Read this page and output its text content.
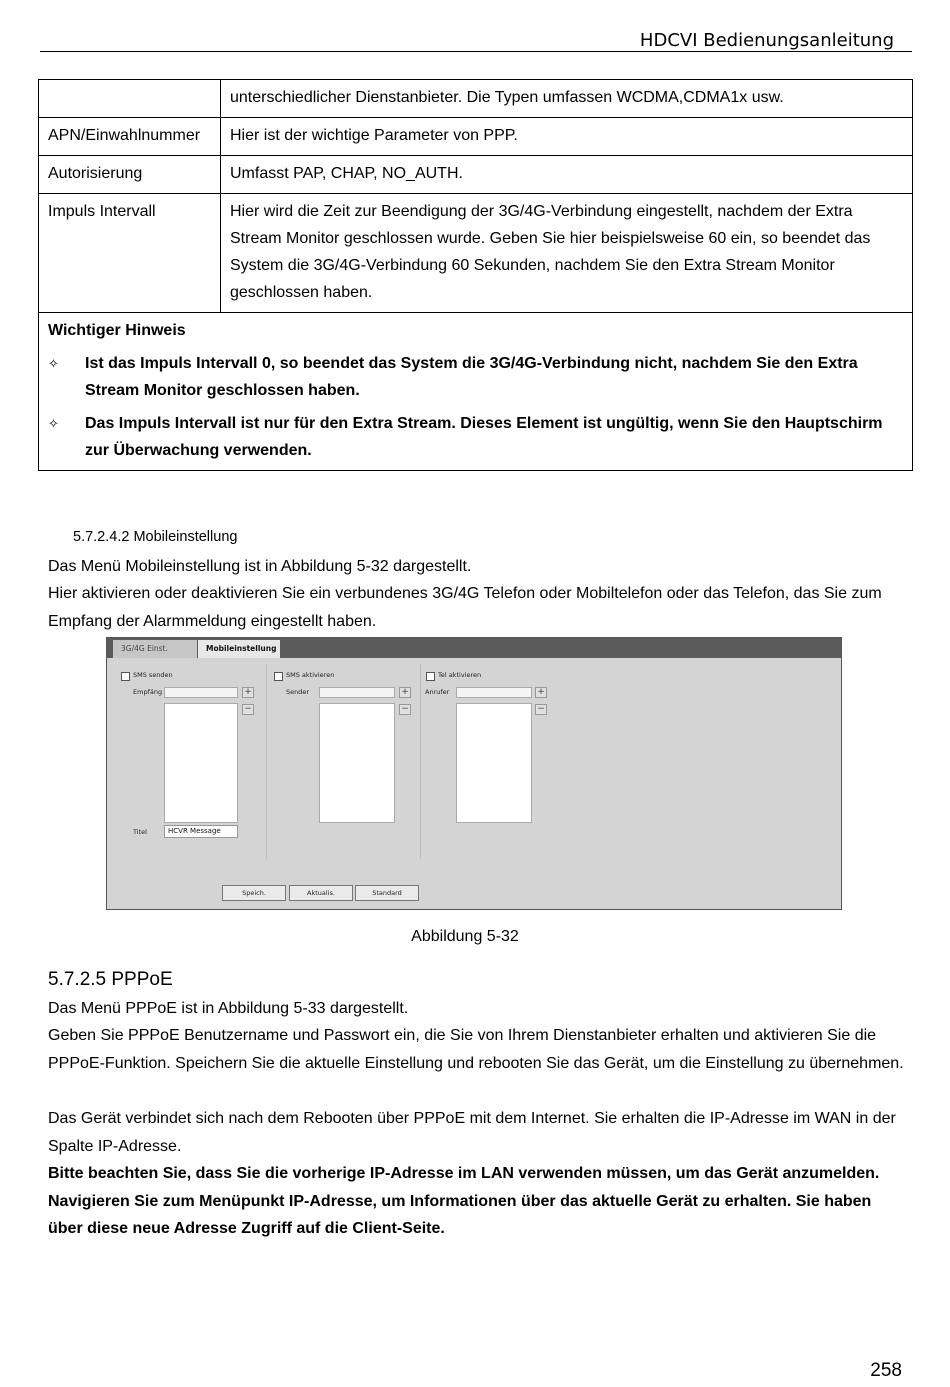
HDCVI Bedienungsanleitung
	unterschiedlicher Dienstanbieter. Die Typen umfassen WCDMA,CDMA1x usw.
APN/Einwahlnummer	Hier ist der wichtige Parameter von PPP.
Autorisierung	Umfasst PAP, CHAP, NO_AUTH.
Impuls Intervall	Hier wird die Zeit zur Beendigung der 3G/4G-Verbindung eingestellt, nachdem der Extra Stream Monitor geschlossen wurde. Geben Sie hier beispielsweise 60 ein, so beendet das System die 3G/4G-Verbindung 60 Sekunden, nachdem Sie den Extra Stream Monitor geschlossen haben.

Wichtiger Hinweis
✧ Ist das Impuls Intervall 0, so beendet das System die 3G/4G-Verbindung nicht, nachdem Sie den Extra Stream Monitor geschlossen haben.
✧ Das Impuls Intervall ist nur für den Extra Stream. Dieses Element ist ungültig, wenn Sie den Hauptschirm zur Überwachung verwenden.	
5.7.2.4.2 Mobileinstellung
Das Menü Mobileinstellung ist in Abbildung 5-32 dargestellt.
Hier aktivieren oder deaktivieren Sie ein verbundenes 3G/4G Telefon oder Mobiltelefon oder das Telefon, das Sie zum Empfang der Alarmmeldung eingestellt haben.
3G/4G Einst.	Mobileinstellung
SMS senden
Empfäng	+
−
Titel	HCVR Message
SMS aktivieren
Sender	+
−
Tel aktivieren
Anrufer	+
−
Speich.	Aktualis.	Standard
Abbildung 5-32
5.7.2.5 PPPoE
Das Menü PPPoE ist in Abbildung 5-33 dargestellt.
Geben Sie PPPoE Benutzername und Passwort ein, die Sie von Ihrem Dienstanbieter erhalten und aktivieren Sie die PPPoE-Funktion. Speichern Sie die aktuelle Einstellung und rebooten Sie das Gerät, um die Einstellung zu übernehmen.
Das Gerät verbindet sich nach dem Rebooten über PPPoE mit dem Internet. Sie erhalten die IP-Adresse im WAN in der Spalte IP-Adresse.
Bitte beachten Sie, dass Sie die vorherige IP-Adresse im LAN verwenden müssen, um das Gerät anzumelden. Navigieren Sie zum Menüpunkt IP-Adresse, um Informationen über das aktuelle Gerät zu erhalten. Sie haben über diese neue Adresse Zugriff auf die Client-Seite.
258
